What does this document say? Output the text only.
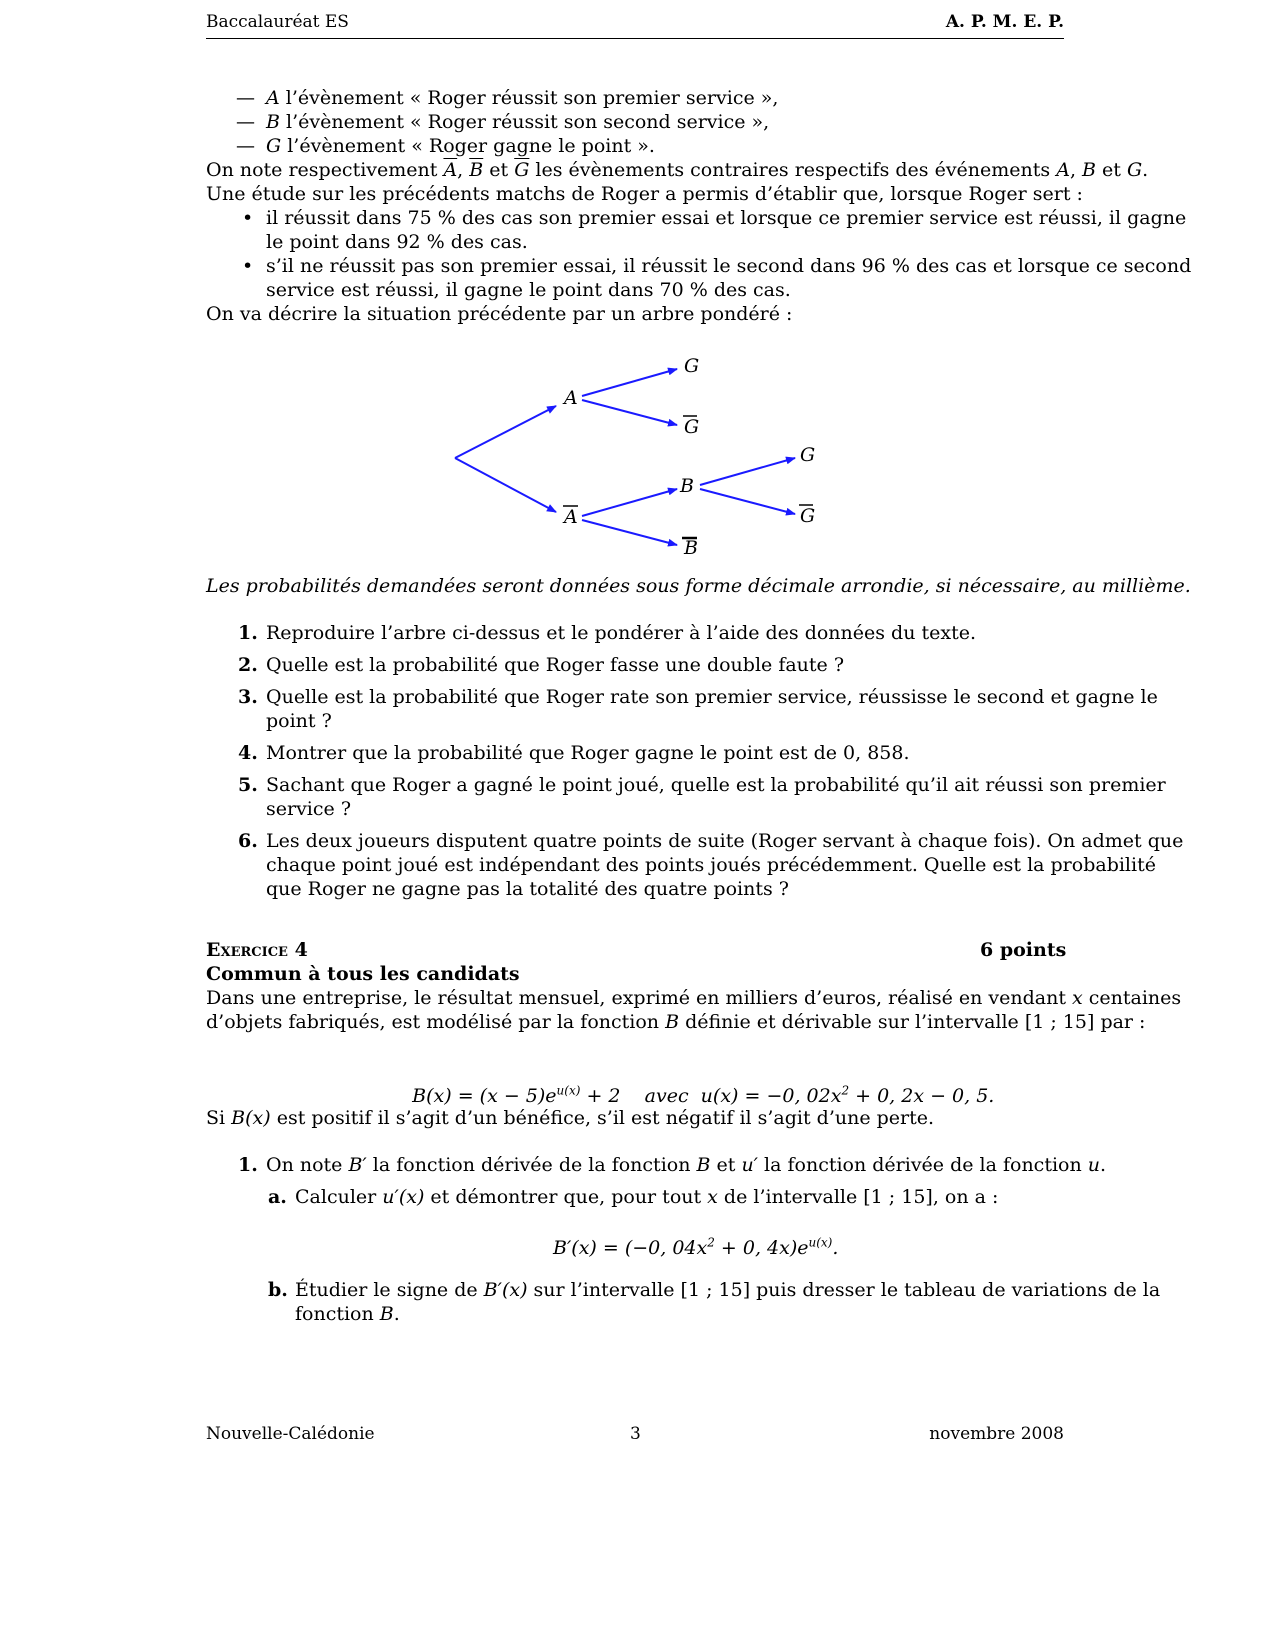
Baccalauréat ES	A. P. M. E. P.
— A l’évènement « Roger réussit son premier service »,
— B l’évènement « Roger réussit son second service »,
— G l’évènement « Roger gagne le point ».
On note respectivement $\overline{A}$, $\overline{B}$ et $\overline{G}$ les évènements contraires respectifs des événements A, B et G.
Une étude sur les précédents matchs de Roger a permis d’établir que, lorsque Roger sert :
• il réussit dans 75 % des cas son premier essai et lorsque ce premier service est réussi, il gagne
le point dans 92 % des cas.
• s’il ne réussit pas son premier essai, il réussit le second dans 96 % des cas et lorsque ce second
service est réussi, il gagne le point dans 70 % des cas.
On va décrire la situation précédente par un arbre pondéré :
A
G
G
B
A
B
G
G
Les probabilités demandées seront données sous forme décimale arrondie, si nécessaire, au millième.
1. Reproduire l’arbre ci-dessus et le pondérer à l’aide des données du texte.
2. Quelle est la probabilité que Roger fasse une double faute ?
3. Quelle est la probabilité que Roger rate son premier service, réussisse le second et gagne le
point ?
4. Montrer que la probabilité que Roger gagne le point est de 0, 858.
5. Sachant que Roger a gagné le point joué, quelle est la probabilité qu’il ait réussi son premier
service ?
6. Les deux joueurs disputent quatre points de suite (Roger servant à chaque fois). On admet que
chaque point joué est indépendant des points joués précédemment. Quelle est la probabilité
que Roger ne gagne pas la totalité des quatre points ?
Exercice 4	6 points
Commun à tous les candidats
Dans une entreprise, le résultat mensuel, exprimé en milliers d’euros, réalisé en vendant x centaines
d’objets fabriqués, est modélisé par la fonction B définie et dérivable sur l’intervalle [1 ; 15] par :

$B(x) = (x - 5)e^{u(x)} + 2$    avec  u(x) = −0, $02x^2 + 0$, 2x − 0, 5.

Si B(x) est positif il s’agit d’un bénéfice, s’il est négatif il s’agit d’une perte.
1. On note B′ la fonction dérivée de la fonction B et u′ la fonction dérivée de la fonction u.
a. Calculer u′(x) et démontrer que, pour tout x de l’intervalle [1 ; 15], on a :
B′(x) = (−0, $04x^2 + 0$, $4x)e^{u(x)}$.
b. Étudier le signe de B′(x) sur l’intervalle [1 ; 15] puis dresser le tableau de variations de la
fonction B.
Nouvelle-Calédonie	3	novembre 2008
